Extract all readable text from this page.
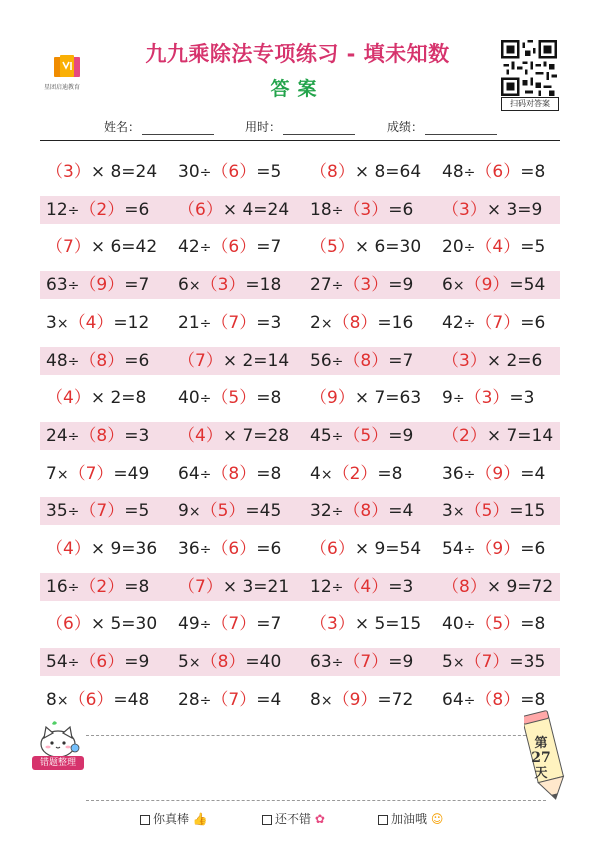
星团启迪教育
九九乘除法专项练习 - 填未知数
答案
扫码对答案
姓名：	用时：	成绩：
（3）× 8=24 30÷（6）=5 （8）× 8=64 48÷（6）=8
12÷（2）=6 （6）× 4=24 18÷（3）=6 （3）× 3=9
（7）× 6=42 42÷（6）=7 （5）× 6=30 20÷（4）=5
63÷（9）=7 6×（3）=18 27÷（3）=9 6×（9）=54
3×（4）=12 21÷（7）=3 2×（8）=16 42÷（7）=6
48÷（8）=6 （7）× 2=14 56÷（8）=7 （3）× 2=6
（4）× 2=8 40÷（5）=8 （9）× 7=63 9÷（3）=3
24÷（8）=3 （4）× 7=28 45÷（5）=9 （2）× 7=14
7×（7）=49 64÷（8）=8 4×（2）=8 36÷（9）=4
35÷（7）=5 9×（5）=45 32÷（8）=4 3×（5）=15
（4）× 9=36 36÷（6）=6 （6）× 9=54 54÷（9）=6
16÷（2）=8 （7）× 3=21 12÷（4）=3 （8）× 9=72
（6）× 5=30 49÷（7）=7 （3）× 5=15 40÷（5）=8
54÷（6）=9 5×（8）=40 63÷（7）=9 5×（7）=35
8×（6）=48 28÷（7）=4 8×（9）=72 64÷（8）=8
错题整理
第
27
天
你真棒 👍	还不错 ✿	加油哦 ☺
